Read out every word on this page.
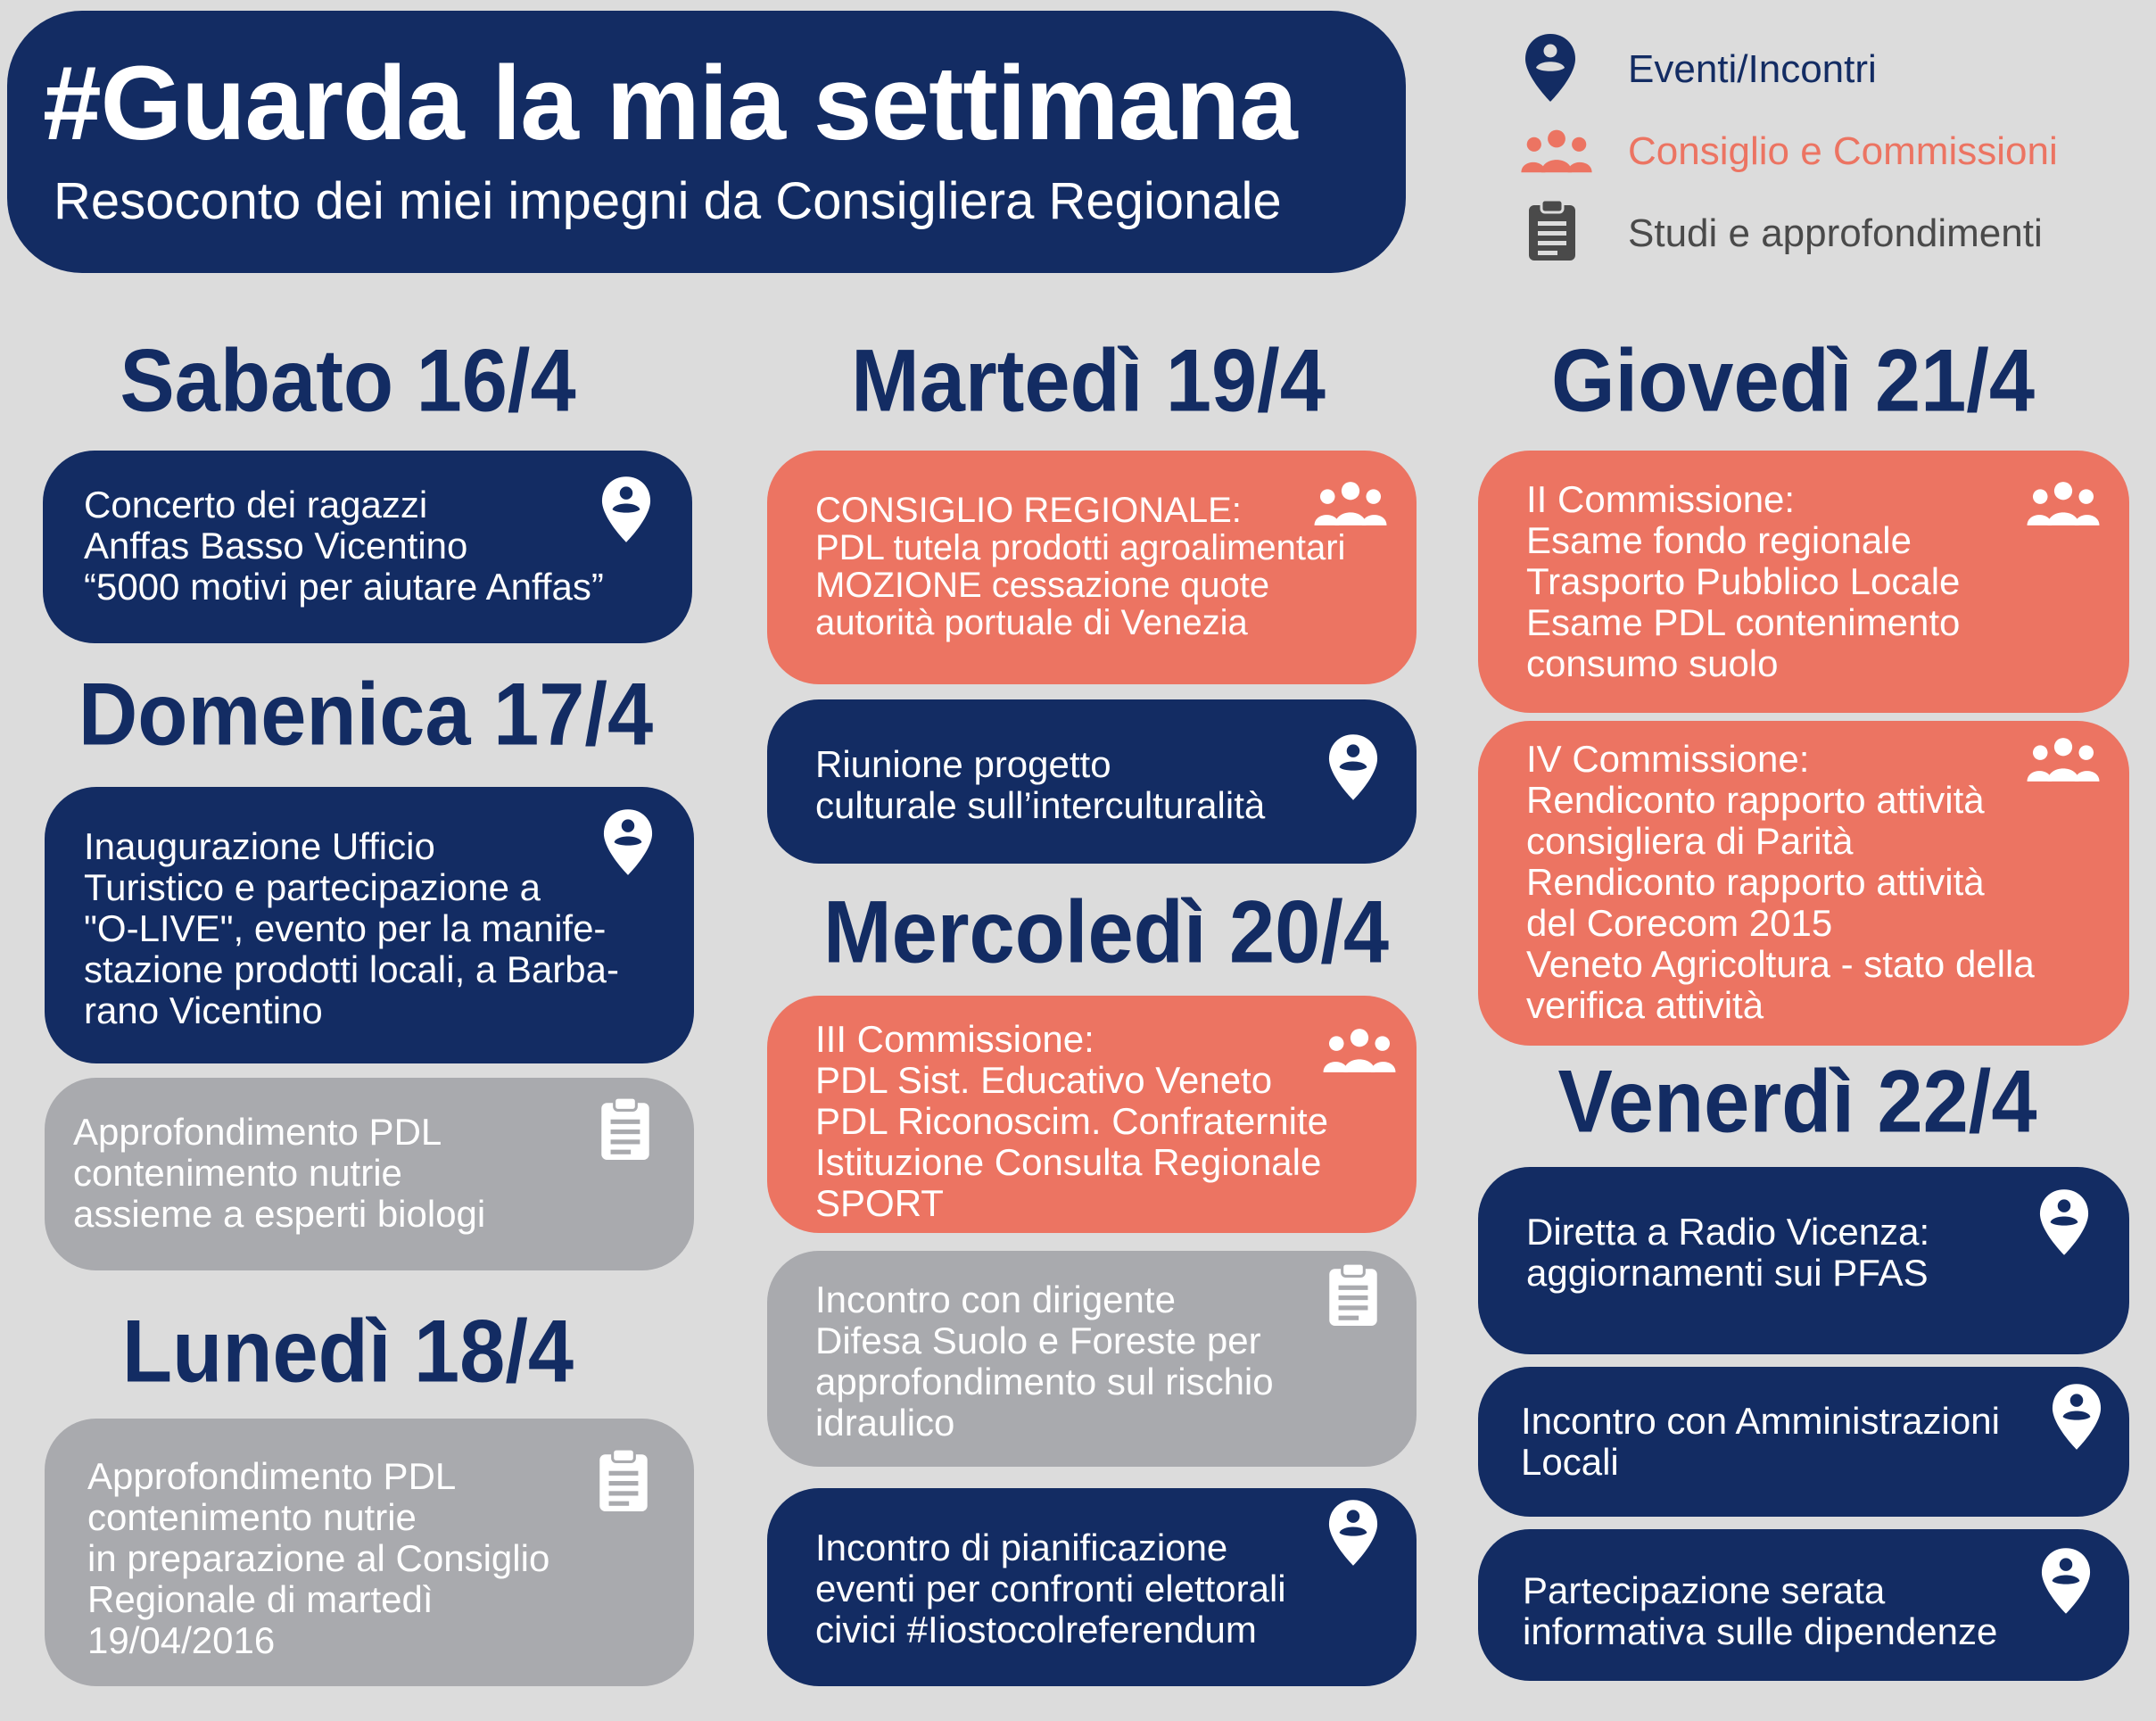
#Guarda la mia settimana
Resoconto dei miei impegni da Consigliera Regionale
Eventi/Incontri
Consiglio e Commissioni
Studi e approfondimenti
Sabato 16/4
Concerto dei ragazzi
Anffas Basso Vicentino
“5000 motivi per aiutare Anffas”
Domenica 17/4
Inaugurazione Ufficio
Turistico e partecipazione a
"O-LIVE", evento per la manife-
stazione prodotti locali, a Barba-
rano Vicentino
Approfondimento PDL
contenimento nutrie
assieme a esperti biologi
Lunedì 18/4
Approfondimento PDL
contenimento nutrie
in preparazione al Consiglio
Regionale di martedì
19/04/2016
Martedì 19/4
CONSIGLIO REGIONALE:
PDL tutela prodotti agroalimentari
MOZIONE cessazione quote
autorità portuale di Venezia
Riunione progetto
culturale sull’interculturalità
Mercoledì 20/4
III Commissione:
PDL Sist. Educativo Veneto
PDL Riconoscim. Confraternite
Istituzione Consulta Regionale
SPORT
Incontro con dirigente
Difesa Suolo e Foreste per
approfondimento sul rischio
idraulico
Incontro di pianificazione
eventi per confronti elettorali
civici #Iiostocolreferendum
Giovedì 21/4
II Commissione:
Esame fondo regionale
Trasporto Pubblico Locale
Esame PDL contenimento
consumo suolo
IV Commissione:
Rendiconto rapporto attività
consigliera di Parità
Rendiconto rapporto attività
del Corecom 2015
Veneto Agricoltura - stato della
verifica attività
Venerdì 22/4
Diretta a Radio Vicenza:
aggiornamenti sui PFAS
Incontro con Amministrazioni
Locali
Partecipazione serata
informativa sulle dipendenze
